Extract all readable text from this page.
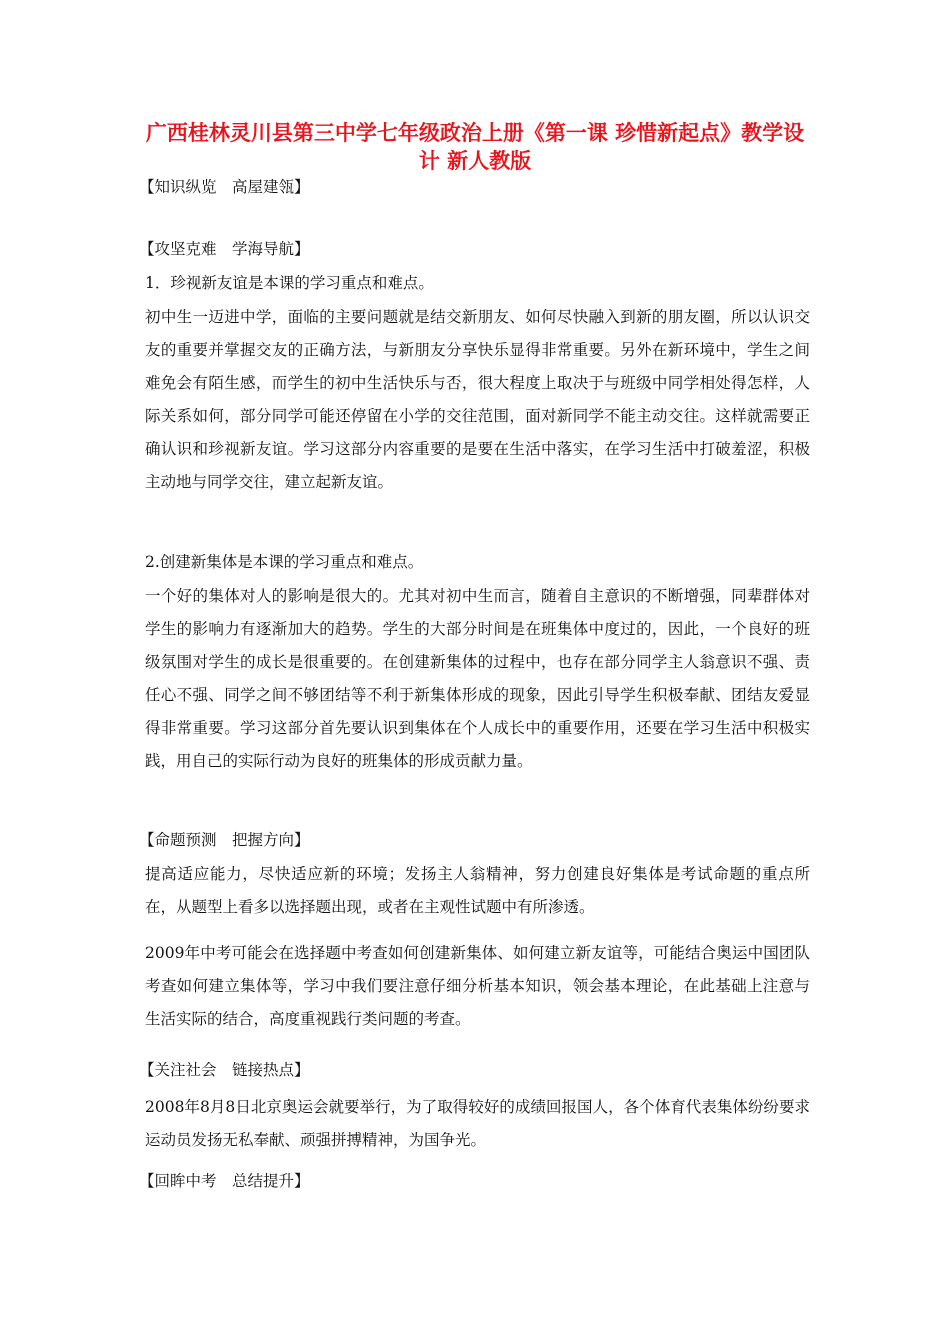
广西桂林灵川县第三中学七年级政治上册《第一课 珍惜新起点》教学设计 新人教版

【知识纵览　高屋建瓴】

【攻坚克难　学海导航】

1．珍视新友谊是本课的学习重点和难点。

初中生一迈进中学，面临的主要问题就是结交新朋友、如何尽快融入到新的朋友圈，所以认识交友的重要并掌握交友的正确方法，与新朋友分享快乐显得非常重要。另外在新环境中，学生之间难免会有陌生感，而学生的初中生活快乐与否，很大程度上取决于与班级中同学相处得怎样，人际关系如何，部分同学可能还停留在小学的交往范围，面对新同学不能主动交往。这样就需要正确认识和珍视新友谊。学习这部分内容重要的是要在生活中落实，在学习生活中打破羞涩，积极主动地与同学交往，建立起新友谊。

2.创建新集体是本课的学习重点和难点。

一个好的集体对人的影响是很大的。尤其对初中生而言，随着自主意识的不断增强，同辈群体对学生的影响力有逐渐加大的趋势。学生的大部分时间是在班集体中度过的，因此，一个良好的班级氛围对学生的成长是很重要的。在创建新集体的过程中，也存在部分同学主人翁意识不强、责任心不强、同学之间不够团结等不利于新集体形成的现象，因此引导学生积极奉献、团结友爱显得非常重要。学习这部分首先要认识到集体在个人成长中的重要作用，还要在学习生活中积极实践，用自己的实际行动为良好的班集体的形成贡献力量。

【命题预测　把握方向】

提高适应能力，尽快适应新的环境；发扬主人翁精神，努力创建良好集体是考试命题的重点所在，从题型上看多以选择题出现，或者在主观性试题中有所渗透。

2009年中考可能会在选择题中考查如何创建新集体、如何建立新友谊等，可能结合奥运中国团队考查如何建立集体等，学习中我们要注意仔细分析基本知识，领会基本理论，在此基础上注意与生活实际的结合，高度重视践行类问题的考查。

【关注社会　链接热点】

2008年8月8日北京奥运会就要举行，为了取得较好的成绩回报国人，各个体育代表集体纷纷要求运动员发扬无私奉献、顽强拼搏精神，为国争光。

【回眸中考　总结提升】
